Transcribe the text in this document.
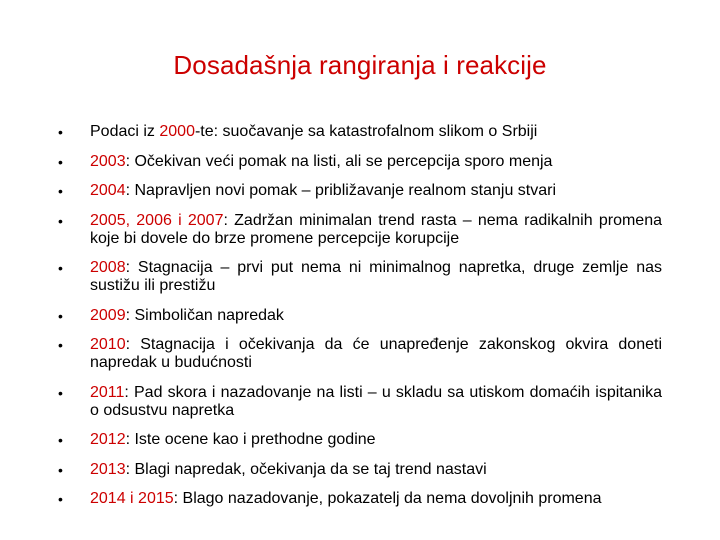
Dosadašnja rangiranja i reakcije
• Podaci iz 2000-te: suočavanje sa katastrofalnom slikom o Srbiji
• 2003: Očekivan veći pomak na listi, ali se percepcija sporo menja
• 2004: Napravljen novi pomak – približavanje realnom stanju stvari
• 2005, 2006 i 2007: Zadržan minimalan trend rasta – nema radikalnih promena koje bi dovele do brze promene percepcije korupcije
• 2008: Stagnacija – prvi put nema ni minimalnog napretka, druge zemlje nas sustižu ili prestižu
• 2009: Simboličan napredak
• 2010: Stagnacija i očekivanja da će unapređenje zakonskog okvira doneti napredak u budućnosti
• 2011: Pad skora i nazadovanje na listi – u skladu sa utiskom domaćih ispitanika o odsustvu napretka
• 2012: Iste ocene kao i prethodne godine
• 2013: Blagi napredak, očekivanja da se taj trend nastavi
• 2014 i 2015: Blago nazadovanje, pokazatelj da nema dovoljnih promena
